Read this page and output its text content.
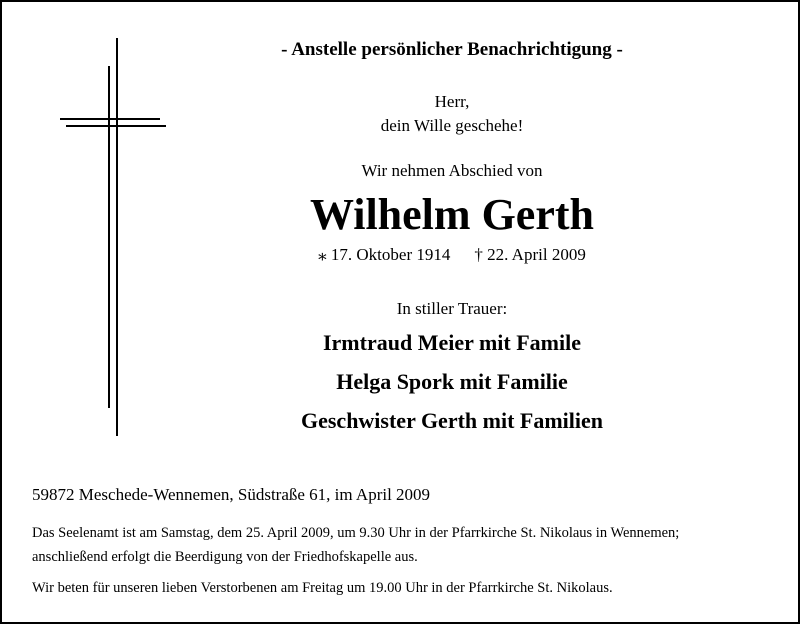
- Anstelle persönlicher Benachrichtigung -
Herr,
dein Wille geschehe!
Wir nehmen Abschied von
Wilhelm Gerth
⁎ 17. Oktober 1914 † 22. April 2009
In stiller Trauer:
Irmtraud Meier mit Famile
Helga Spork mit Familie
Geschwister Gerth mit Familien
59872 Meschede-Wennemen, Südstraße 61, im April 2009
Das Seelenamt ist am Samstag, dem 25. April 2009, um 9.30 Uhr in der Pfarrkirche St. Nikolaus in Wennemen;
anschließend erfolgt die Beerdigung von der Friedhofskapelle aus.
Wir beten für unseren lieben Verstorbenen am Freitag um 19.00 Uhr in der Pfarrkirche St. Nikolaus.
